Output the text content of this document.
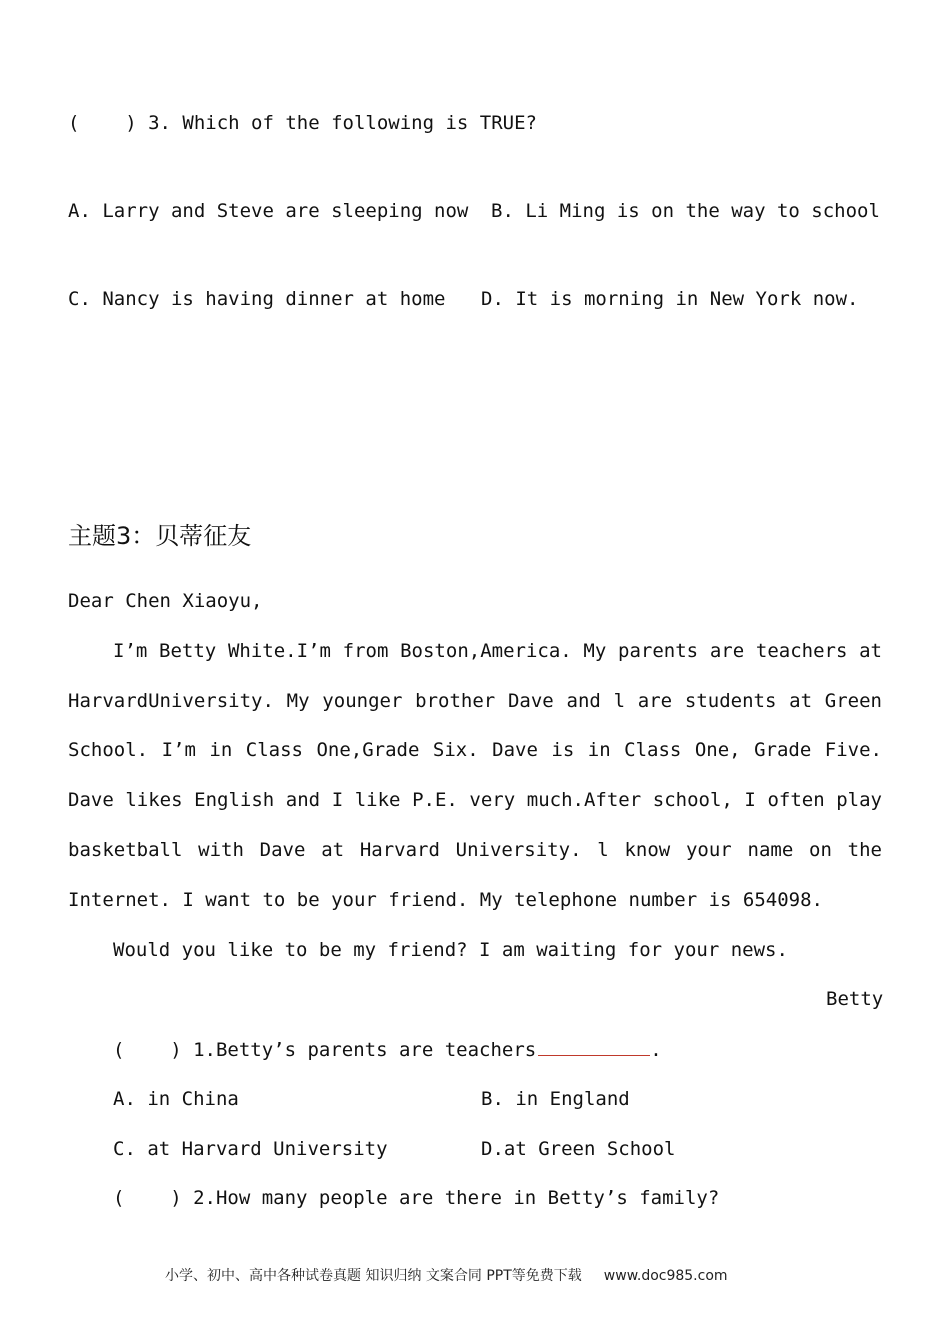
(    ) 3. Which of the following is TRUE?
A. Larry and Steve are sleeping now B. Li Ming is on the way to school
C. Nancy is having dinner at home D. It is morning in New York now.
主题3：贝蒂征友
Dear Chen Xiaoyu,
I’m Betty White.I’m from Boston,America. My parents are teachers at
HarvardUniversity. My younger brother Dave and l are students at Green
School. I’m in Class One,Grade Six. Dave is in Class One, Grade Five.
Dave likes English and I like P.E. very much.After school, I often play
basketball with Dave at Harvard University. l know your name on the
Internet. I want to be your friend. My telephone number is 654098.
Would you like to be my friend? I am waiting for your news.
Betty
(    ) 1.Betty’s parents are teachers	.
A. in China	B. in England
C. at Harvard University	D.at Green School
(    ) 2.How many people are there in Betty’s family?
小学、初中、高中各种试卷真题 知识归纳 文案合同 PPT等免费下载 www.doc985.com
